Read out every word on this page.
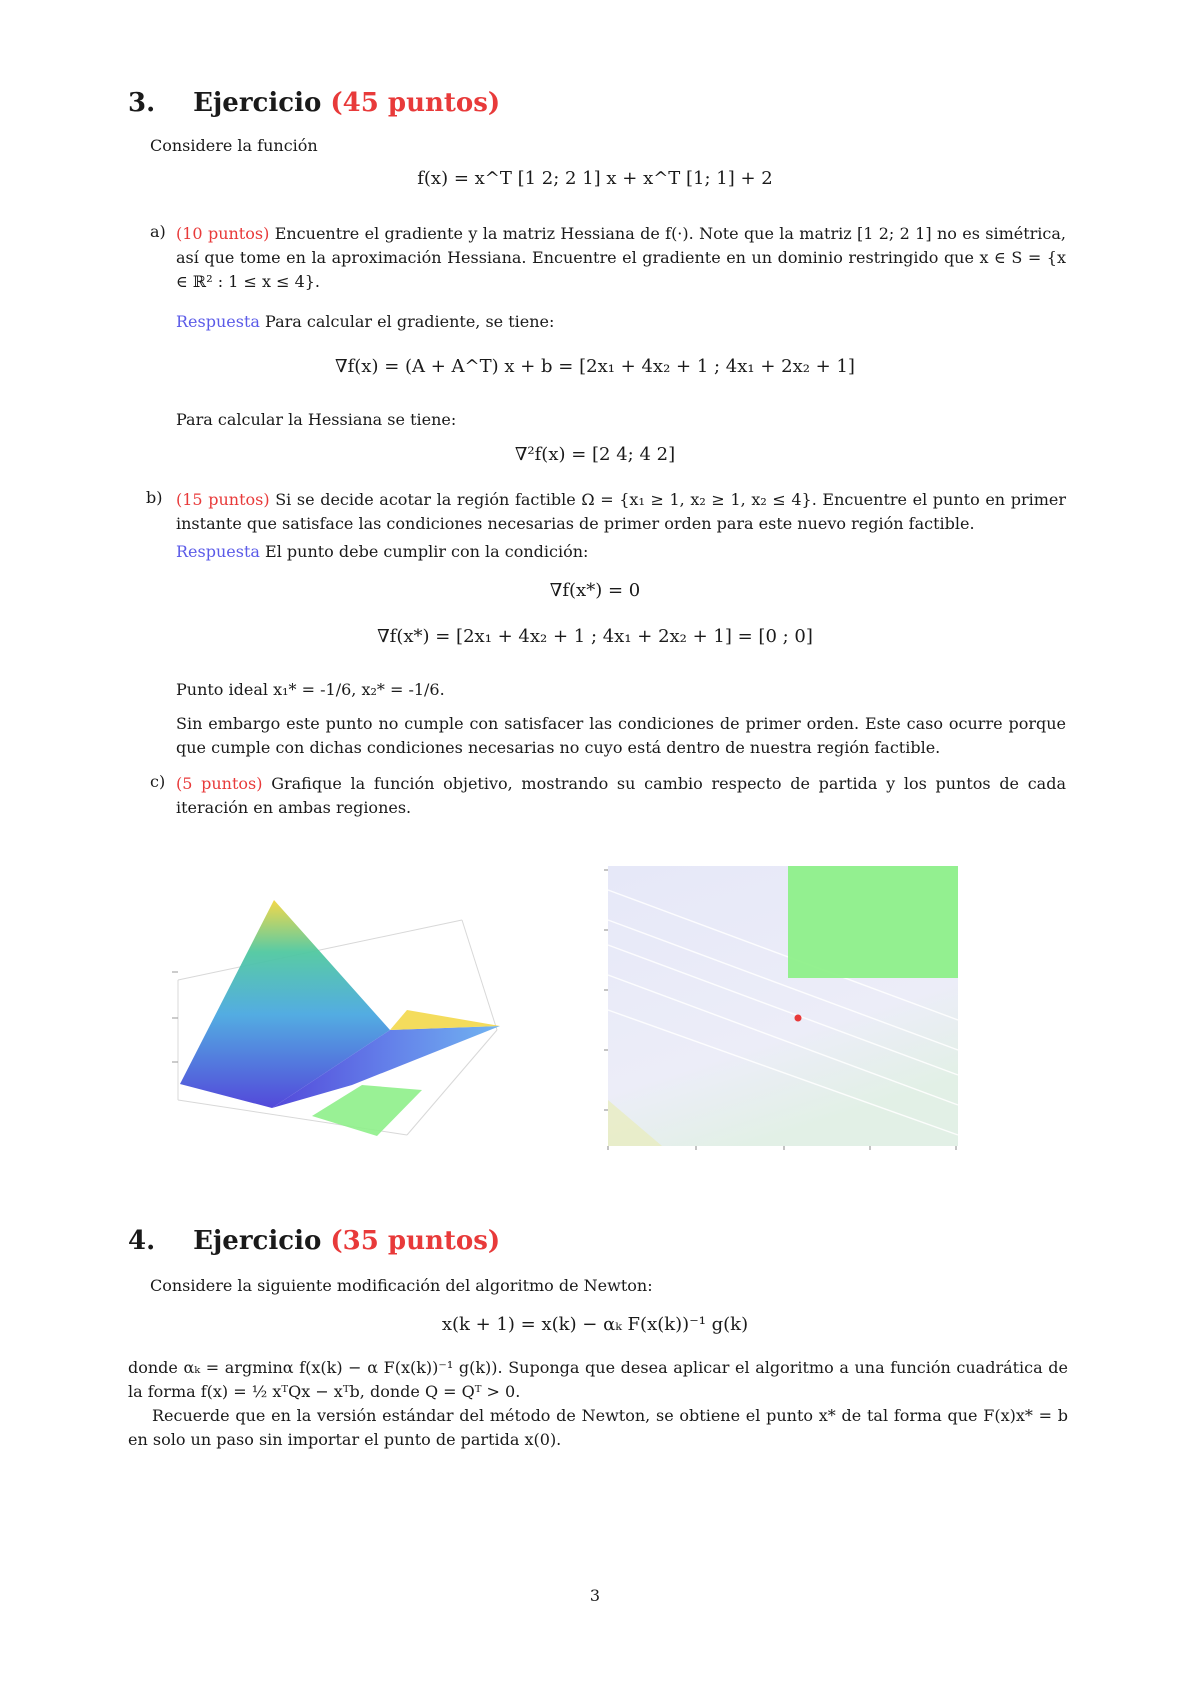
3. Ejercicio (45 puntos)
Considere la función
f(x) = x^T [1 2; 2 1] x + x^T [1; 1] + 2
a) (10 puntos) Encuentre el gradiente y la matriz Hessiana de f(·). Note que la matriz [1 2; 2 1] no es simétrica, así que tome en la aproximación Hessiana. Encuentre el gradiente en un dominio restringido que x ∈ S = {x ∈ ℝ² : 1 ≤ x ≤ 4}.
Respuesta Para calcular el gradiente, se tiene:
∇f(x) = (A + A^T) x + b = [2x₁ + 4x₂ + 1 ; 4x₁ + 2x₂ + 1]
Para calcular la Hessiana se tiene:
∇²f(x) = [2 4; 4 2]
b) (15 puntos) Si se decide acotar la región factible Ω = {x₁ ≥ 1, x₂ ≥ 1, x₂ ≤ 4}. Encuentre el punto en primer instante que satisface las condiciones necesarias de primer orden para este nuevo región factible.
Respuesta El punto debe cumplir con la condición:
∇f(x*) = 0
∇f(x*) = [2x₁ + 4x₂ + 1 ; 4x₁ + 2x₂ + 1] = [0 ; 0]
Punto ideal x₁* = -1/6, x₂* = -1/6.
Sin embargo este punto no cumple con satisfacer las condiciones de primer orden. Este caso ocurre porque que cumple con dichas condiciones necesarias no cuyo está dentro de nuestra región factible.
c) (5 puntos) Grafique la función objetivo, mostrando su cambio respecto de partida y los puntos de cada iteración en ambas regiones.
4. Ejercicio (35 puntos)
Considere la siguiente modificación del algoritmo de Newton:
x(k + 1) = x(k) − αₖ F(x(k))⁻¹ g(k)
donde αₖ = argminα f(x(k) − α F(x(k))⁻¹ g(k)). Suponga que desea aplicar el algoritmo a una función cuadrática de la forma f(x) = ½ xᵀQx − xᵀb, donde Q = Qᵀ > 0.
Recuerde que en la versión estándar del método de Newton, se obtiene el punto x* de tal forma que F(x)x* = b en solo un paso sin importar el punto de partida x(0).
3
